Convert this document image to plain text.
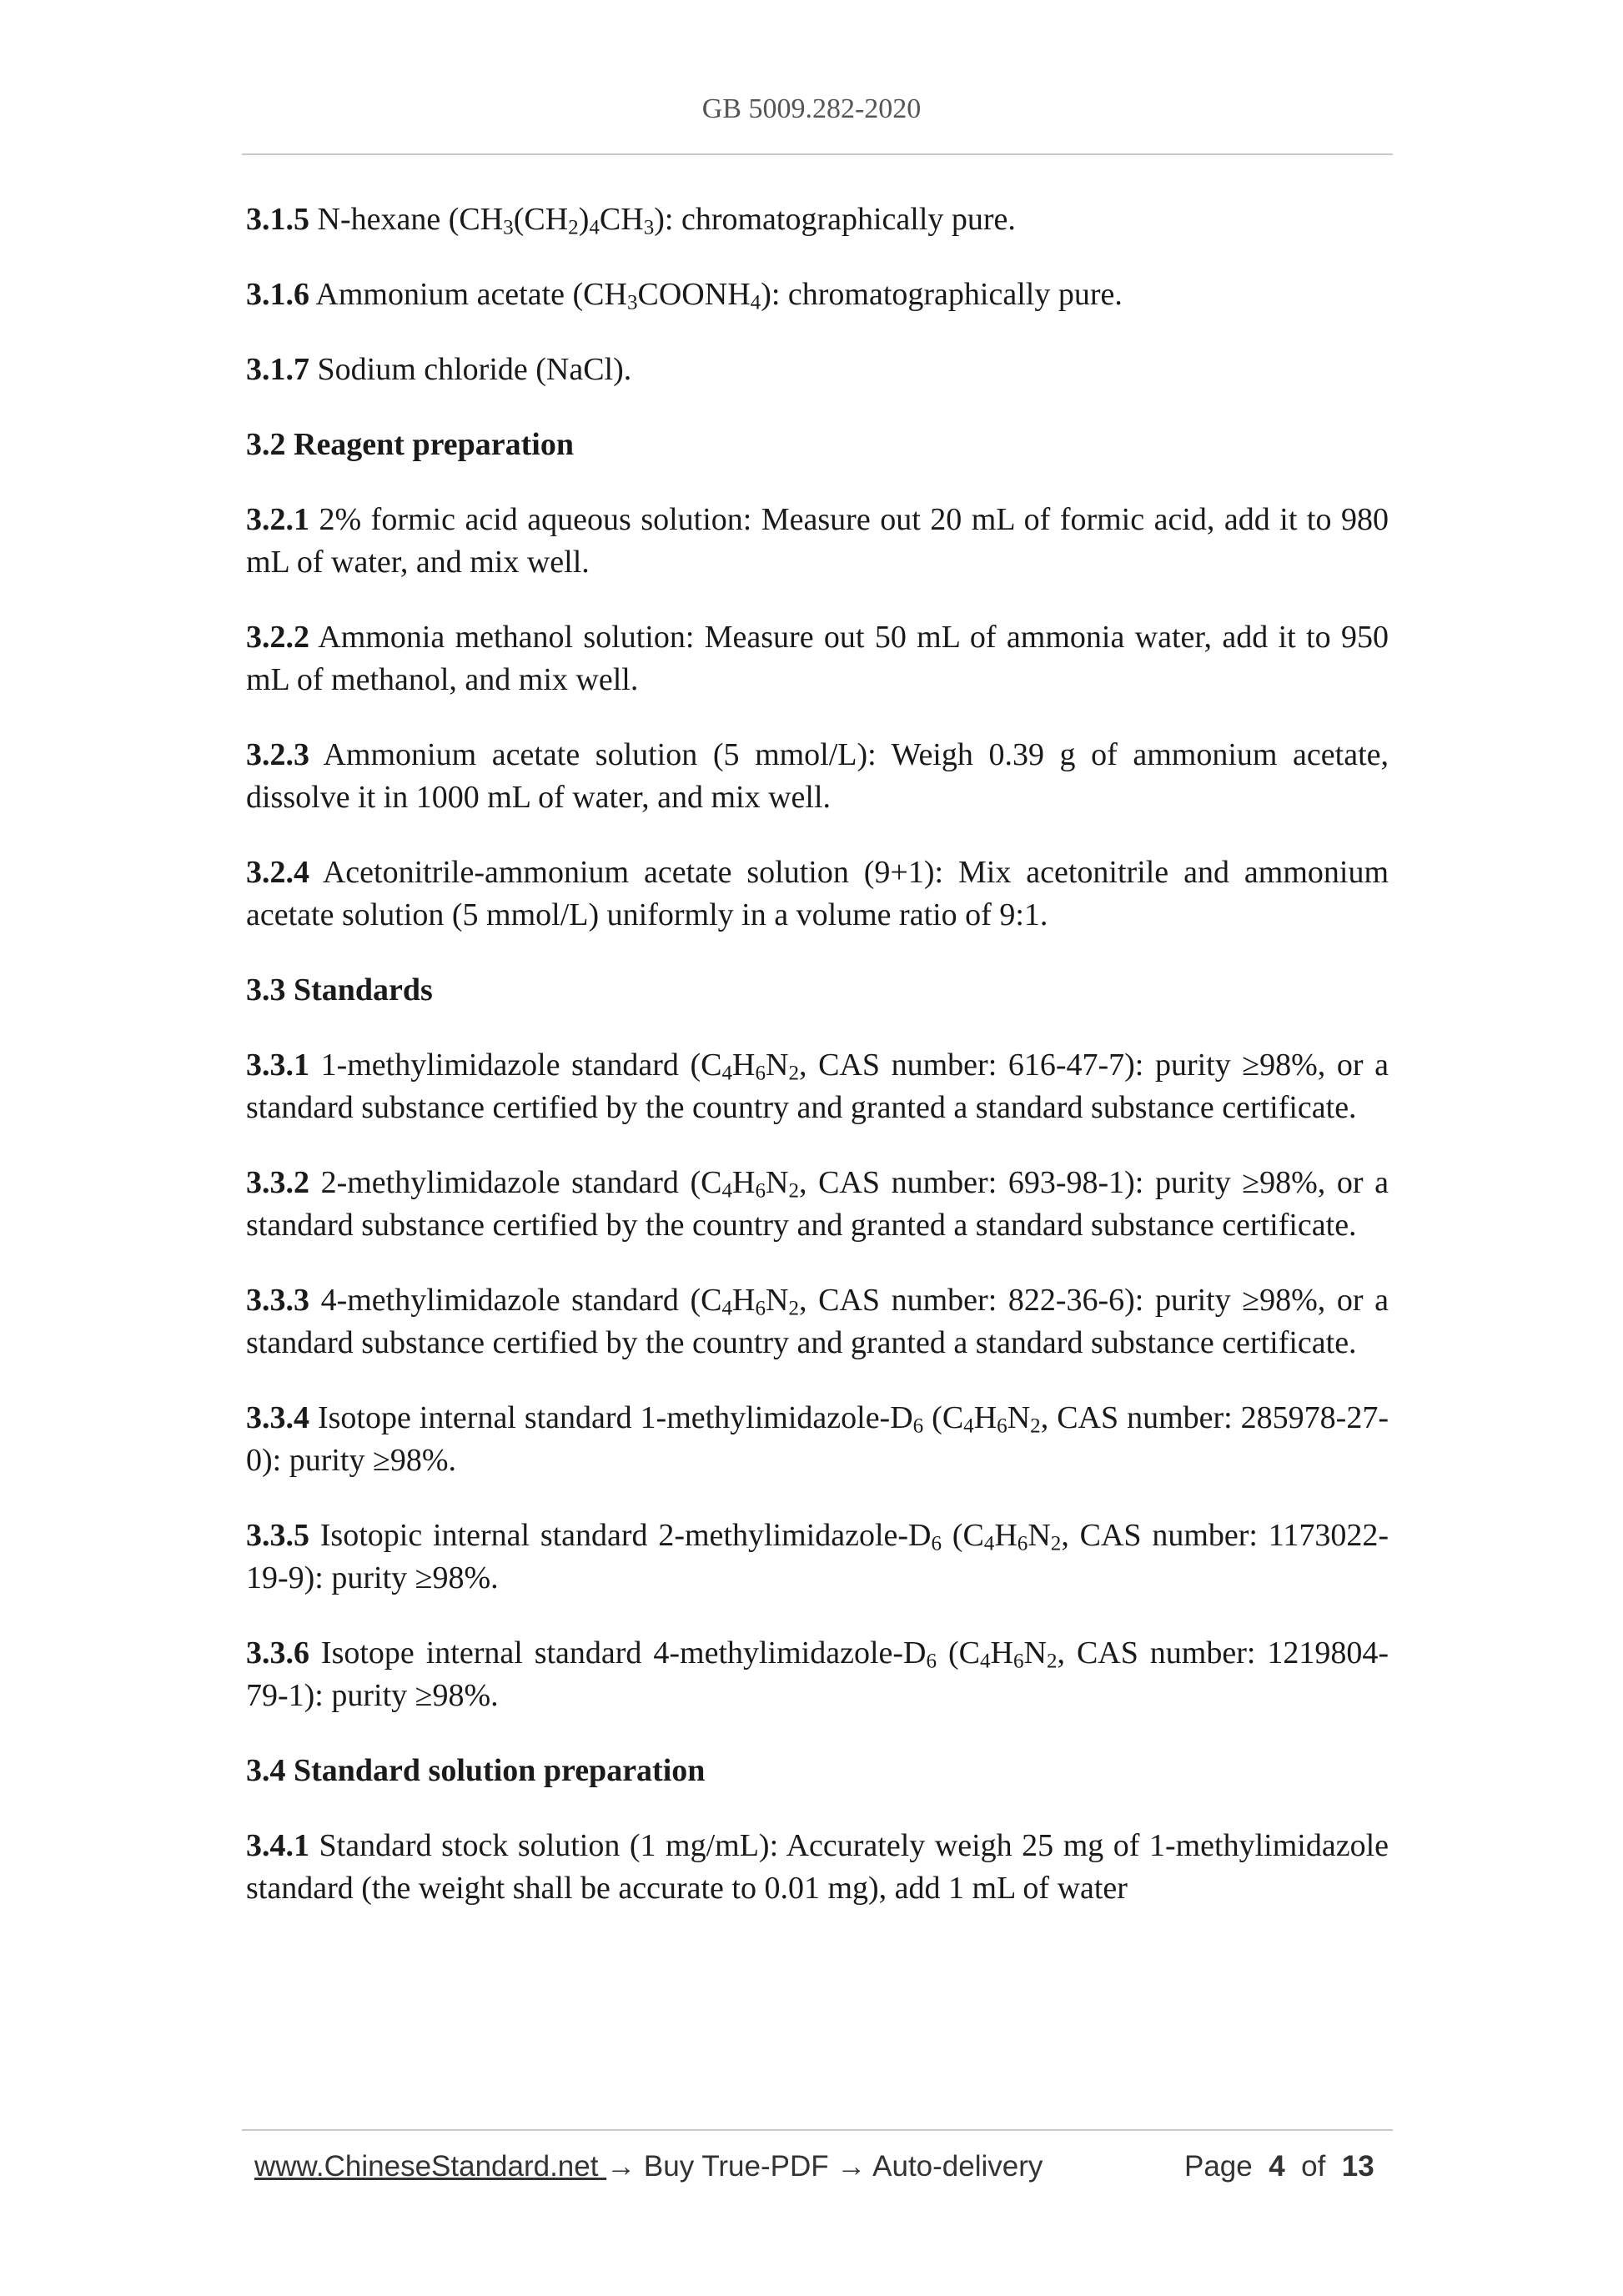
GB 5009.282-2020

3.1.5 N-hexane $(CH_3(CH_2)_4CH_3)$: chromatographically pure.

3.1.6 Ammonium acetate $(CH_3COONH_4)$: chromatographically pure.

3.1.7 Sodium chloride (NaCl).

3.2 Reagent preparation

3.2.1 2% formic acid aqueous solution: Measure out 20 mL of formic acid, add it to 980 mL of water, and mix well.

3.2.2 Ammonia methanol solution: Measure out 50 mL of ammonia water, add it to 950 mL of methanol, and mix well.

3.2.3 Ammonium acetate solution (5 mmol/L): Weigh 0.39 g of ammonium acetate, dissolve it in 1000 mL of water, and mix well.

3.2.4 Acetonitrile-ammonium acetate solution (9+1): Mix acetonitrile and ammonium acetate solution (5 mmol/L) uniformly in a volume ratio of 9:1.

3.3 Standards

3.3.1 1-methylimidazole standard ($C_4H_6N_2$, CAS number: 616-47-7): purity ≥98%, or a standard substance certified by the country and granted a standard substance certificate.

3.3.2 2-methylimidazole standard ($C_4H_6N_2$, CAS number: 693-98-1): purity ≥98%, or a standard substance certified by the country and granted a standard substance certificate.

3.3.3 4-methylimidazole standard ($C_4H_6N_2$, CAS number: 822-36-6): purity ≥98%, or a standard substance certified by the country and granted a standard substance certificate.

3.3.4 Isotope internal standard $1-methylimidazole-D_6$ ($C_4H_6N_2$, CAS number: 285978-27-0): purity ≥98%.

3.3.5 Isotopic internal standard $2-methylimidazole-D_6$ ($C_4H_6N_2$, CAS number: 1173022-19-9): purity ≥98%.

3.3.6 Isotope internal standard $4-methylimidazole-D_6$ ($C_4H_6N_2$, CAS number: 1219804-79-1): purity ≥98%.

3.4 Standard solution preparation

3.4.1 Standard stock solution (1 mg/mL): Accurately weigh 25 mg of 1-methylimidazole standard (the weight shall be accurate to 0.01 mg), add 1 mL of water

www.ChineseStandard.net → Buy True-PDF → Auto-delivery	Page 4 of 13
